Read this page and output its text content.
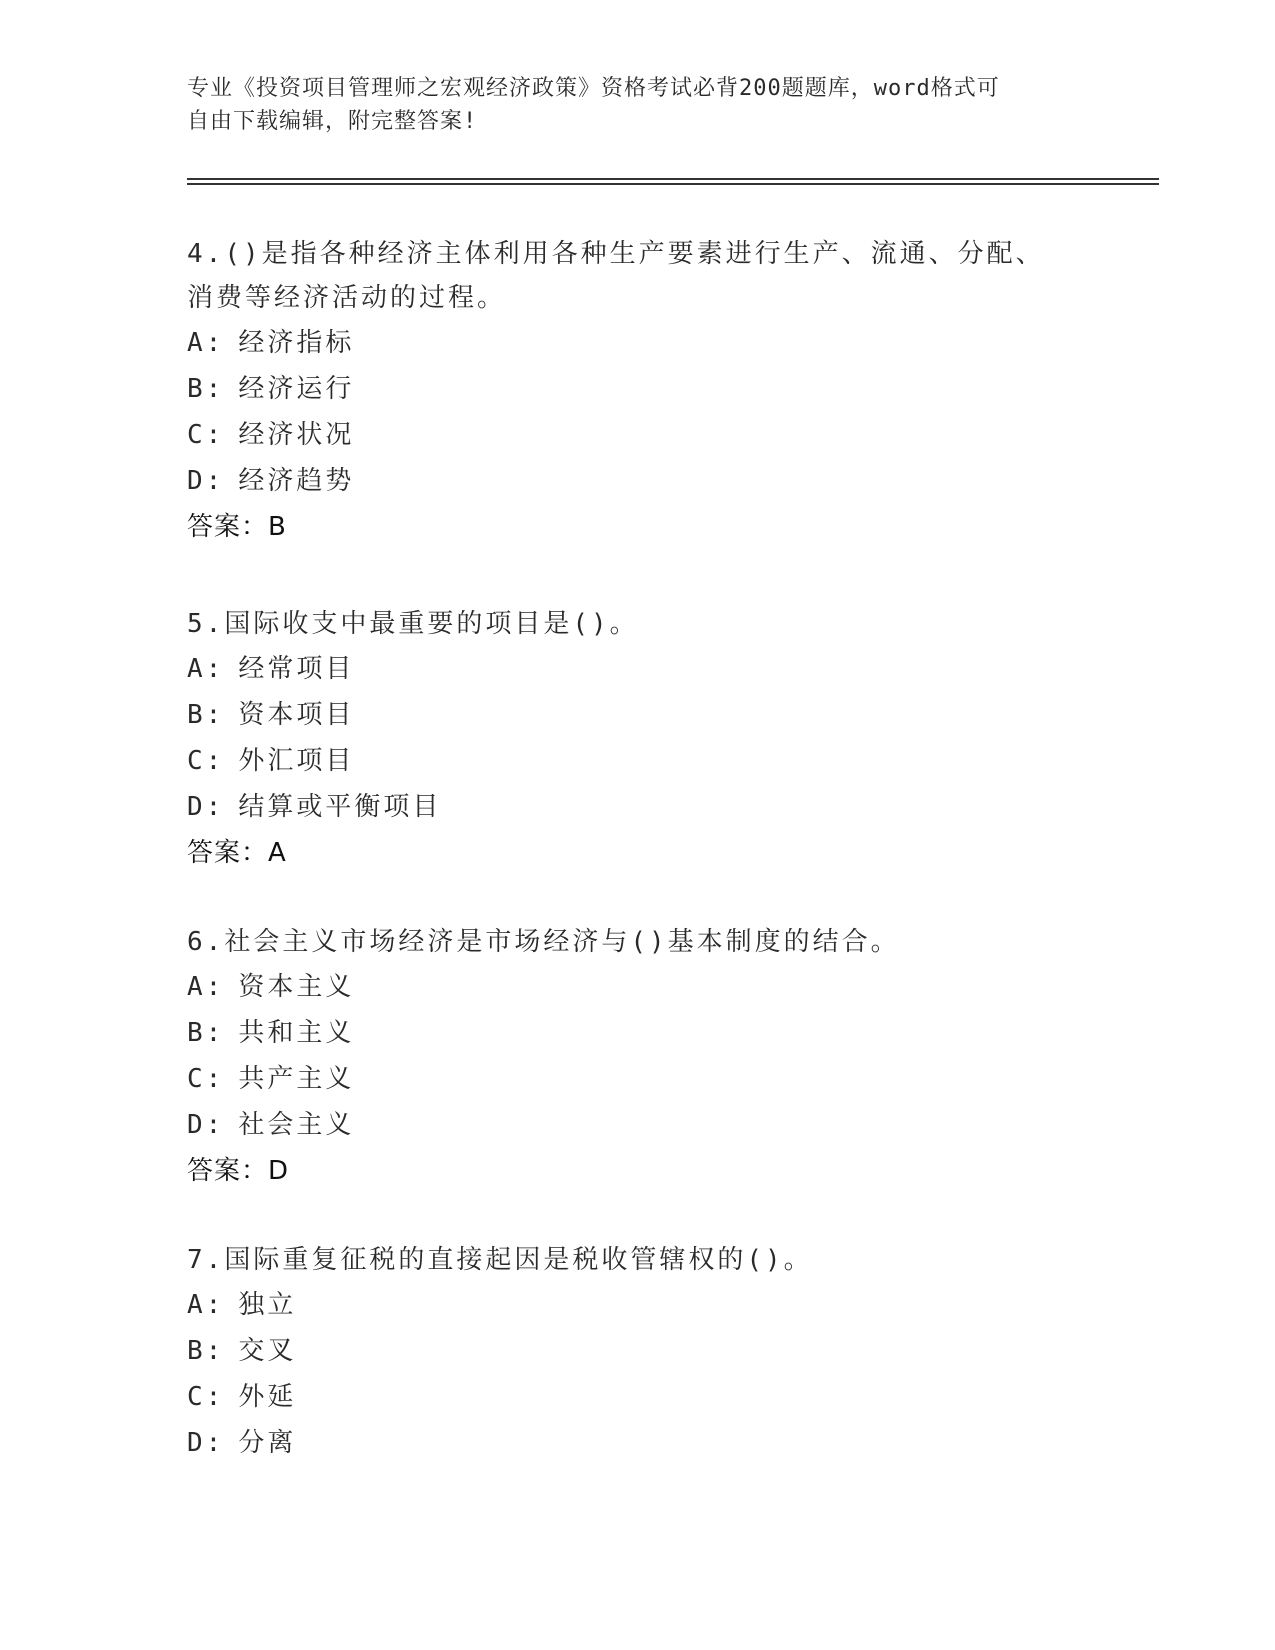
专业《投资项目管理师之宏观经济政策》资格考试必背200题题库，word格式可
自由下载编辑，附完整答案!

4 . ()是指各种经济主体利用各种生产要素进行生产、流通、分配、消费等经济活动的过程。

A : 经济指标
B : 经济运行
C : 经济状况
D : 经济趋势
答案 ： B

5 . 国际收支中最重要的项目是()。

A : 经常项目
B : 资本项目
C : 外汇项目
D : 结算或平衡项目
答案 ： A

6 . 社会主义市场经济是市场经济与()基本制度的结合。

A : 资本主义
B : 共和主义
C : 共产主义
D : 社会主义
答案 ： D

7 . 国际重复征税的直接起因是税收管辖权的()。

A : 独立
B : 交叉
C : 外延
D : 分离
